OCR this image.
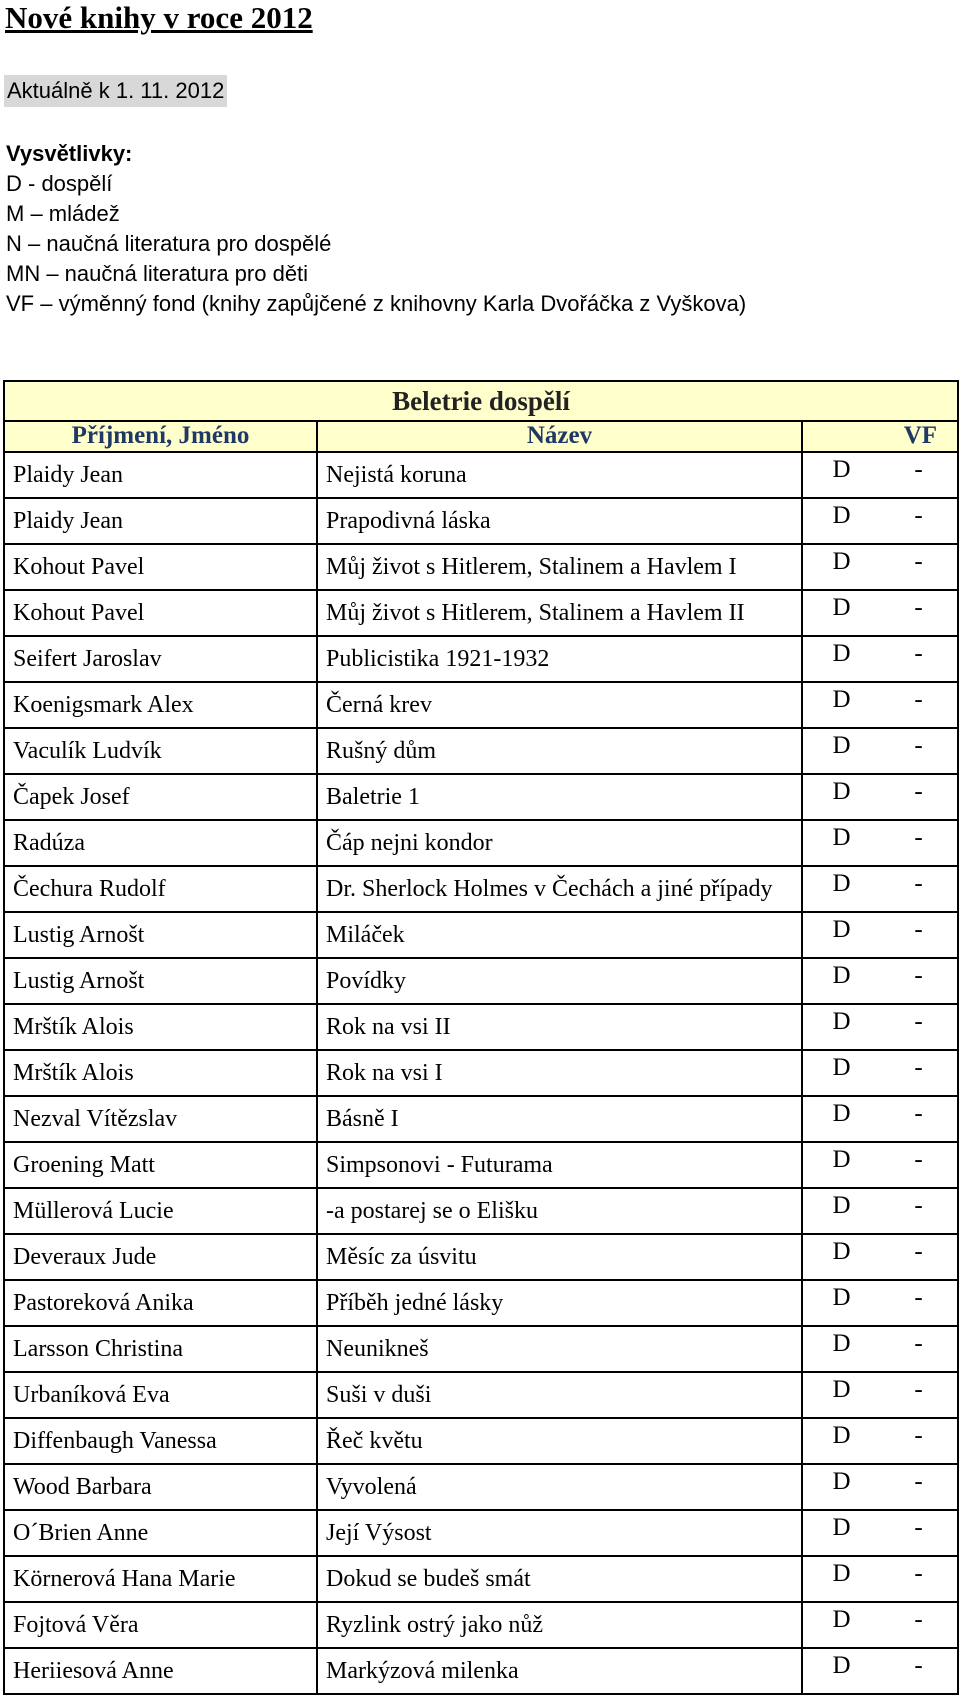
Nové knihy v roce 2012
Aktuálně k 1. 11. 2012
Vysvětlivky:
D - dospělí
M – mládež
N – naučná literatura pro dospělé
MN – naučná literatura pro děti
VF – výměnný fond (knihy zapůjčené z knihovny Karla Dvořáčka z Vyškova)
Beletrie dospělí			
Příjmení, Jméno	Název		VF
Plaidy Jean	Nejistá koruna	D	-
Plaidy Jean	Prapodivná láska	D	-
Kohout Pavel	Můj život s Hitlerem, Stalinem a Havlem I	D	-
Kohout Pavel	Můj život s Hitlerem, Stalinem a Havlem II	D	-
Seifert Jaroslav	Publicistika 1921-1932	D	-
Koenigsmark Alex	Černá krev	D	-
Vaculík Ludvík	Rušný dům	D	-
Čapek Josef	Baletrie 1	D	-
Radúza	Čáp nejni kondor	D	-
Čechura Rudolf	Dr. Sherlock Holmes v Čechách a jiné případy	D	-
Lustig Arnošt	Miláček	D	-
Lustig Arnošt	Povídky	D	-
Mrštík Alois	Rok na vsi II	D	-
Mrštík Alois	Rok na vsi I	D	-
Nezval Vítězslav	Básně I	D	-
Groening Matt	Simpsonovi - Futurama	D	-
Müllerová Lucie	-a postarej se o Elišku	D	-
Deveraux Jude	Měsíc za úsvitu	D	-
Pastoreková Anika	Příběh jedné lásky	D	-
Larsson Christina	Neunikneš	D	-
Urbaníková Eva	Suši v duši	D	-
Diffenbaugh Vanessa	Řeč květu	D	-
Wood Barbara	Vyvolená	D	-
O´Brien Anne	Její Výsost	D	-
Körnerová Hana Marie	Dokud se budeš smát	D	-
Fojtová Věra	Ryzlink ostrý jako nůž	D	-
Heriiesová Anne	Markýzová milenka	D	-
